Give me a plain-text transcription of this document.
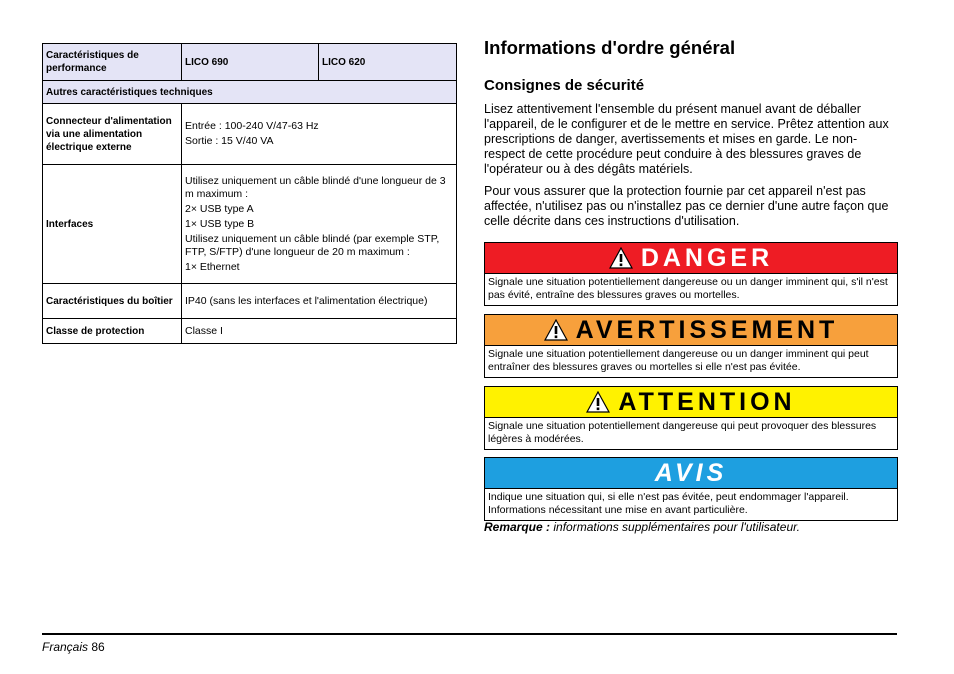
Caractéristiques de performance	LICO 690	LICO 620
Autres caractéristiques techniques		
Connecteur d'alimentation via une alimentation électrique externe	Entrée : 100-240 V/47-63 Hz
Sortie : 15 V/40 VA	

Interfaces	Utilisez uniquement un câble blindé d'une longueur de 3 m maximum :
2× USB type A
1× USB type B
Utilisez uniquement un câble blindé (par exemple STP, FTP, S/FTP) d'une longueur de 20 m maximum :
1× Ethernet	

Caractéristiques du boîtier	IP40 (sans les interfaces et l'alimentation électrique)	

Classe de protection	Classe I	
Informations d'ordre général
Consignes de sécurité

Lisez attentivement l'ensemble du présent manuel avant de déballer l'appareil, de le configurer et de le mettre en service. Prêtez attention aux prescriptions de danger, avertissements et mises en garde. Le non-respect de cette procédure peut conduire à des blessures graves de l'opérateur ou à des dégâts matériels.

Pour vous assurer que la protection fournie par cet appareil n'est pas affectée, n'utilisez pas ou n'installez pas ce dernier d'une autre façon que celle décrite dans ces instructions d'utilisation.

DANGER
Signale une situation potentiellement dangereuse ou un danger imminent qui, s'il n'est pas évité, entraîne des blessures graves ou mortelles.
AVERTISSEMENT
Signale une situation potentiellement dangereuse ou un danger imminent qui peut entraîner des blessures graves ou mortelles si elle n'est pas évitée.
ATTENTION
Signale une situation potentiellement dangereuse qui peut provoquer des blessures légères à modérées.
AVIS
Indique une situation qui, si elle n'est pas évitée, peut endommager l'appareil. Informations nécessitant une mise en avant particulière.
Remarque : informations supplémentaires pour l'utilisateur.
Français 86
